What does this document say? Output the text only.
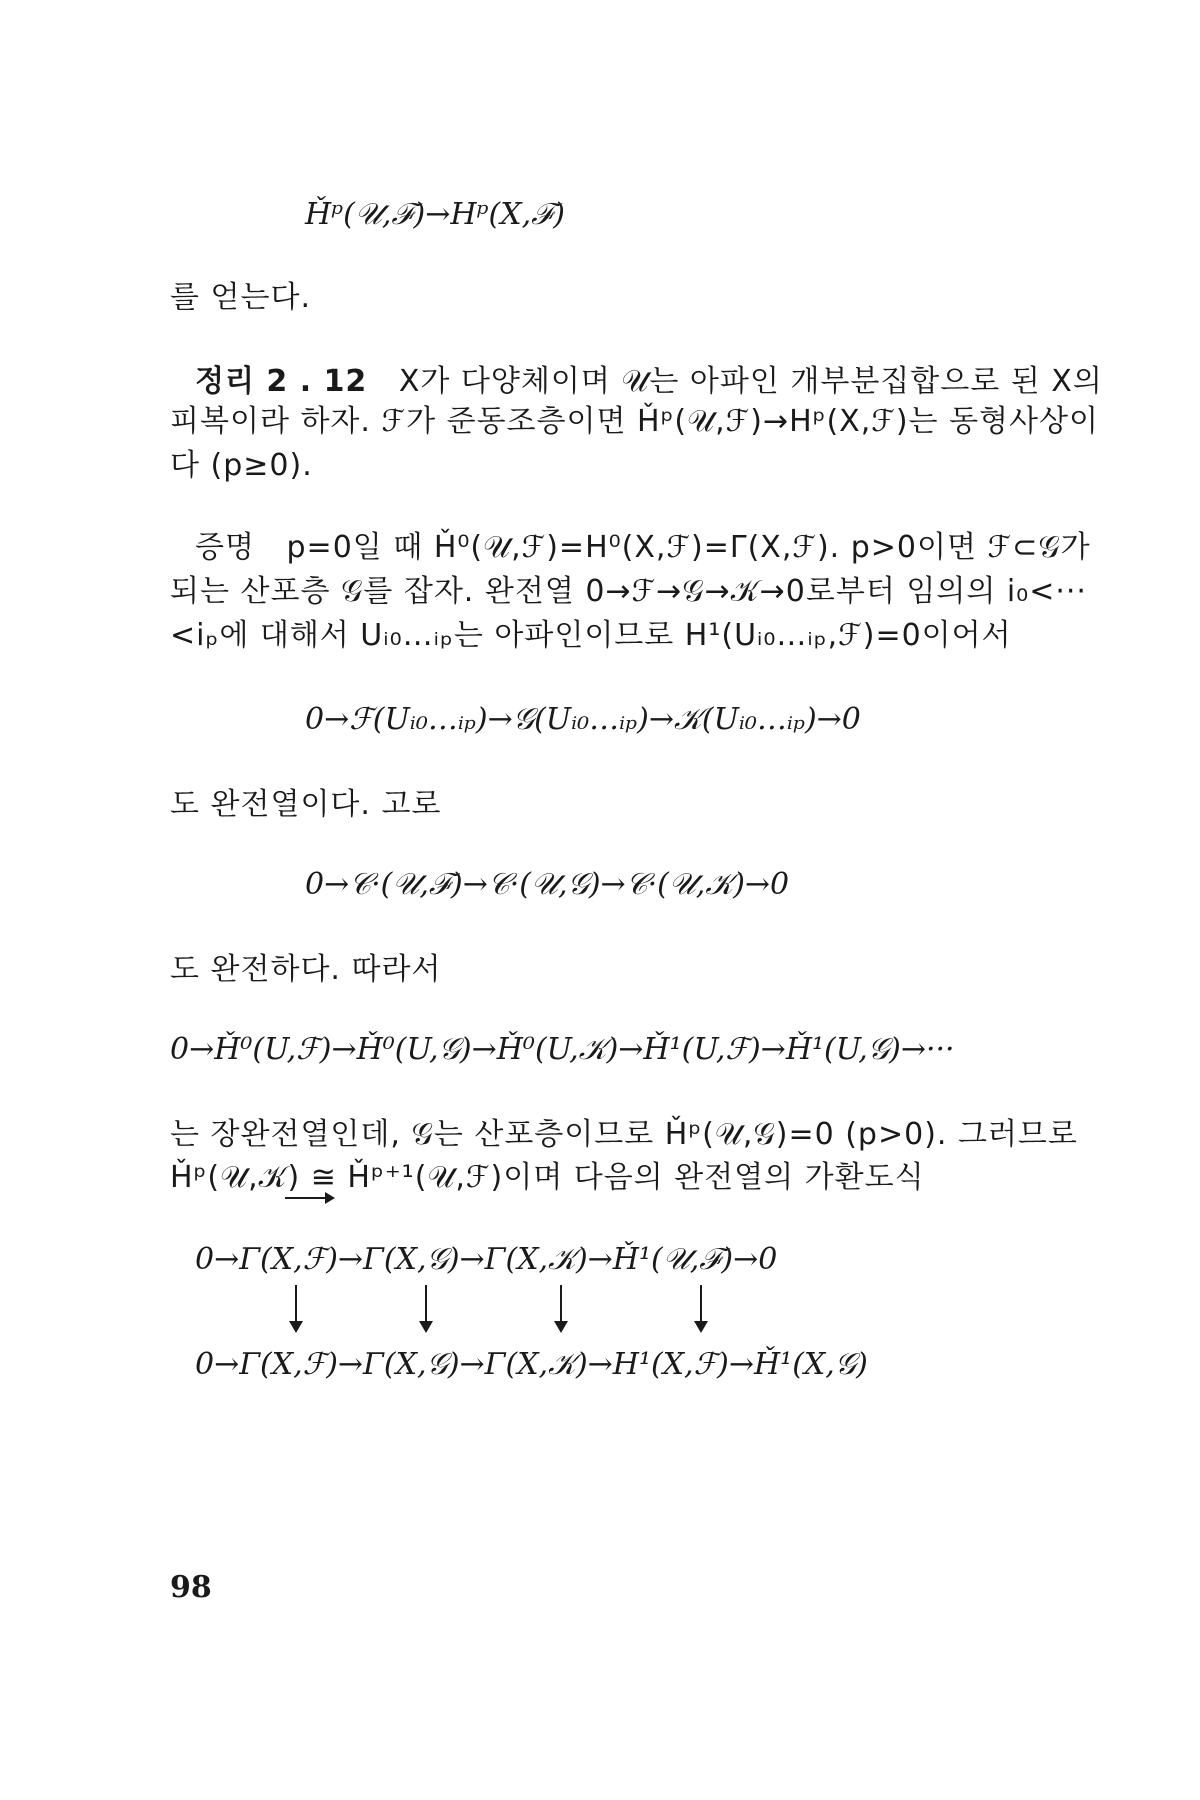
Ȟᵖ(𝒰,ℱ)→Hᵖ(X,ℱ)
를 얻는다.
정리 2 . 12 X가 다양체이며 𝒰는 아파인 개부분집합으로 된 X의
피복이라 하자. ℱ가 준동조층이면 Ȟᵖ(𝒰,ℱ)→Hᵖ(X,ℱ)는 동형사상이
다 (p≥0).
증명 p=0일 때 Ȟ⁰(𝒰,ℱ)=H⁰(X,ℱ)=Γ(X,ℱ). p>0이면 ℱ⊂𝒢가
되는 산포층 𝒢를 잡자. 완전열 0→ℱ→𝒢→𝒦→0로부터 임의의 i₀<···
<iₚ에 대해서 Uᵢ₀…ᵢₚ는 아파인이므로 H¹(Uᵢ₀…ᵢₚ,ℱ)=0이어서
0→ℱ(Uᵢ₀…ᵢₚ)→𝒢(Uᵢ₀…ᵢₚ)→𝒦(Uᵢ₀…ᵢₚ)→0
도 완전열이다. 고로
0→𝒞·(𝒰,ℱ)→𝒞·(𝒰,𝒢)→𝒞·(𝒰,𝒦)→0
도 완전하다. 따라서
0→Ȟ⁰(U,ℱ)→Ȟ⁰(U,𝒢)→Ȟ⁰(U,𝒦)→Ȟ¹(U,ℱ)→Ȟ¹(U,𝒢)→···
는 장완전열인데, 𝒢는 산포층이므로 Ȟᵖ(𝒰,𝒢)=0 (p>0). 그러므로
Ȟᵖ(𝒰,𝒦) ≅ Ȟᵖ⁺¹(𝒰,ℱ)이며 다음의 완전열의 가환도식
0→Γ(X,ℱ)→Γ(X,𝒢)→Γ(X,𝒦)→Ȟ¹(𝒰,ℱ)→0
0→Γ(X,ℱ)→Γ(X,𝒢)→Γ(X,𝒦)→H¹(X,ℱ)→Ȟ¹(X,𝒢)
98
